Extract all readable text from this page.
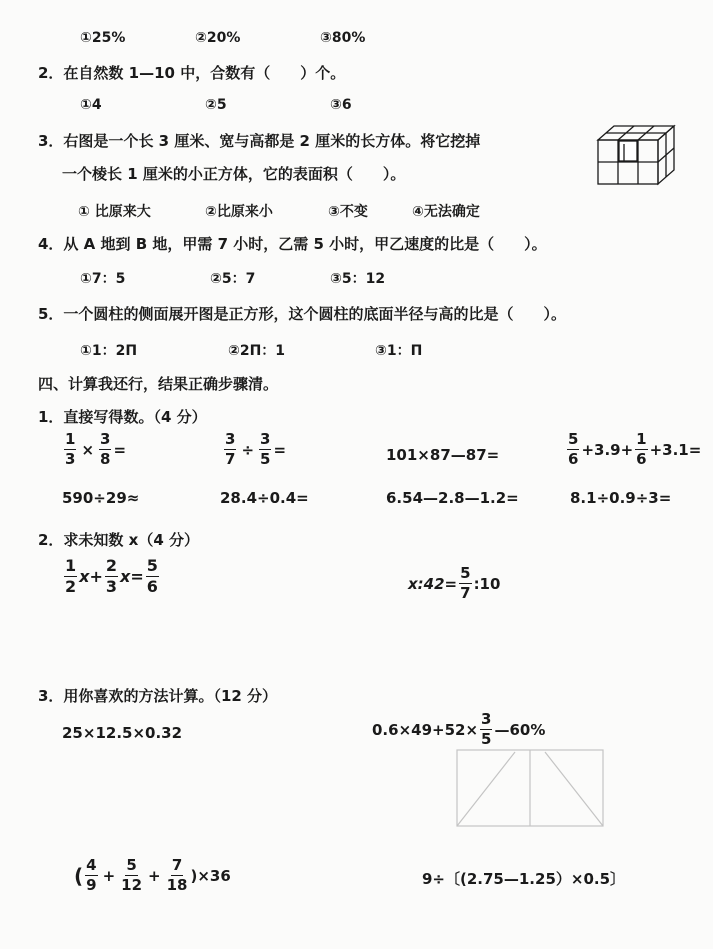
①25%	②20%	③80%
2．在自然数 1—10 中，合数有（　　）个。
①4	②5	③6
3．右图是一个长 3 厘米、宽与高都是 2 厘米的长方体。将它挖掉
一个棱长 1 厘米的小正方体，它的表面积（　　）。
① 比原来大	②比原来小	③不变	④无法确定
4．从 A 地到 B 地，甲需 7 小时，乙需 5 小时，甲乙速度的比是（　　）。
①7：5	②5：7	③5：12
5．一个圆柱的侧面展开图是正方形，这个圆柱的底面半径与高的比是（　　）。
①1：2Π	②2Π：1	③1：Π
四、计算我还行，结果正确步骤清。
1．直接写得数。（4 分）
$\frac{1}{3} \times \frac{3}{8}$ =	$\frac{3}{7} \div \frac{3}{5}$ =	101×87—87=	$\frac{5}{6} +3.9+ \frac{1}{6} +3.1=$
590÷29≈	28.4÷0.4=	6.54—2.8—1.2=	8.1÷0.9÷3=
2．求未知数 x（4 分）
$\frac{1}{2} x+ \frac{2}{3} x= \frac{5}{6}$	x:42= $\frac{5}{7}$ :10
3．用你喜欢的方法计算。（12 分）
25×12.5×0.32	$0.6\times 49+52\times \frac{3}{5}$ —60%
( $\frac{4}{9} + \frac{5}{12} + \frac{7}{18} )\times 36$	9÷〔(2.75—1.25）×0.5〕
